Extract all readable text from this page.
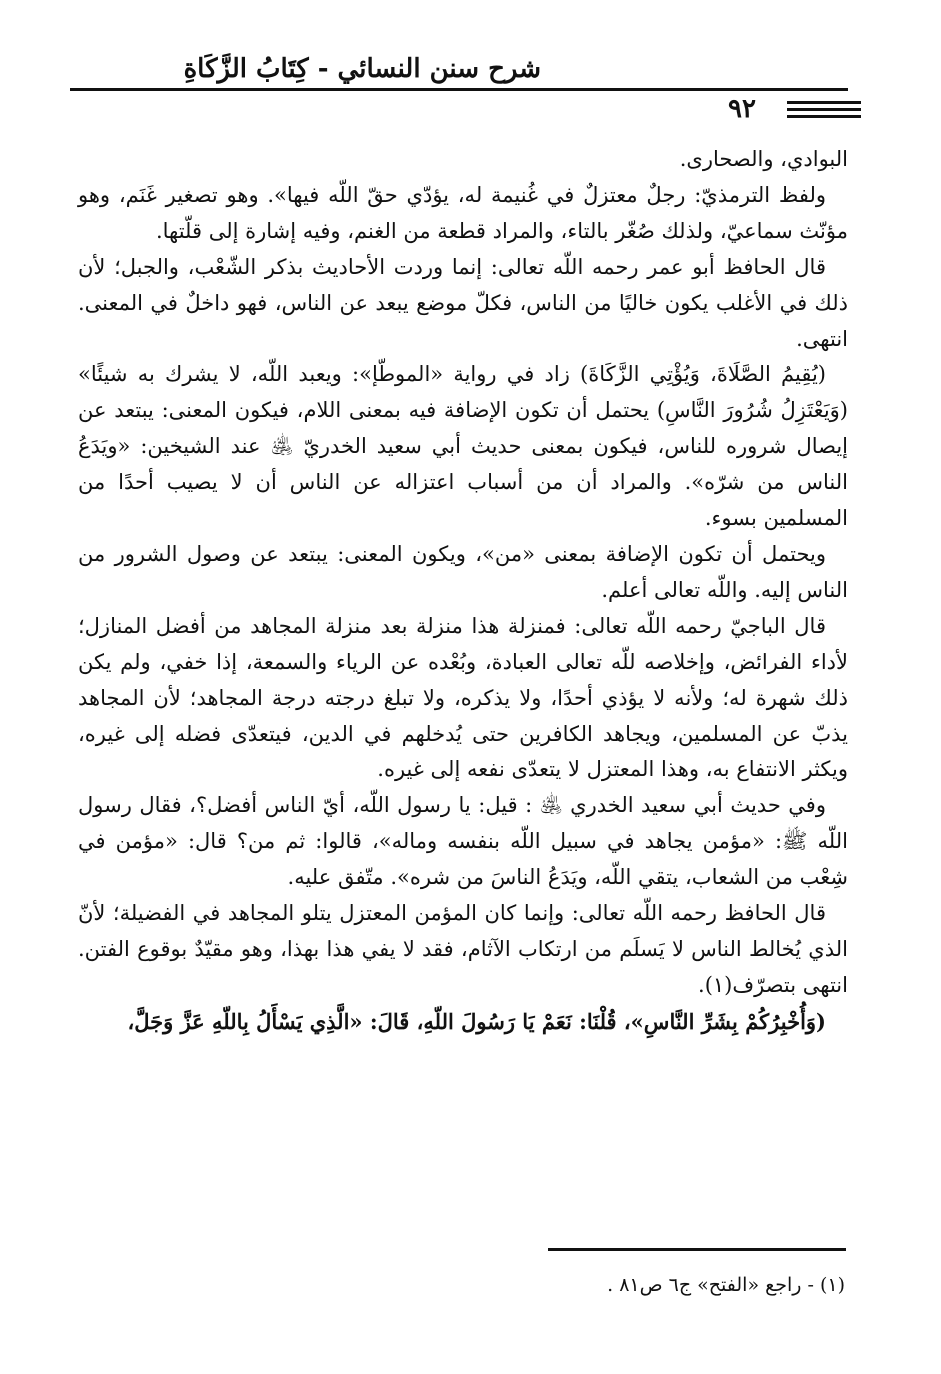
شرح سنن النسائي - كِتَابُ الزَّكَاةِ
٩٢

البوادي، والصحارى.

ولفظ الترمذيّ: رجلٌ معتزلٌ في غُنيمة له، يؤدّي حقّ اللّه فيها». وهو تصغير غَنَم، وهو مؤنّث سماعيّ، ولذلك صُغّر بالتاء، والمراد قطعة من الغنم، وفيه إشارة إلى قلّتها.

قال الحافظ أبو عمر رحمه اللّه تعالى: إنما وردت الأحاديث بذكر الشّعْب، والجبل؛ لأن ذلك في الأغلب يكون خاليًا من الناس، فكلّ موضع يبعد عن الناس، فهو داخلٌ في المعنى. انتهى.

(يُقِيمُ الصَّلَاةَ، وَيُؤْتِي الزَّكَاةَ) زاد في رواية «الموطّإ»: ويعبد اللّه، لا يشرك به شيئًا» (وَيَعْتَزِلُ شُرُورَ النَّاسِ) يحتمل أن تكون الإضافة فيه بمعنى اللام، فيكون المعنى: يبتعد عن إيصال شروره للناس، فيكون بمعنى حديث أبي سعيد الخدريّ ﵁ عند الشيخين: «ويَدَعُ الناس من شرّه». والمراد أن من أسباب اعتزاله عن الناس أن لا يصيب أحدًا من المسلمين بسوء.

ويحتمل أن تكون الإضافة بمعنى «من»، ويكون المعنى: يبتعد عن وصول الشرور من الناس إليه. واللّه تعالى أعلم.

قال الباجيّ رحمه اللّه تعالى: فمنزلة هذا منزلة بعد منزلة المجاهد من أفضل المنازل؛ لأداء الفرائض، وإخلاصه للّه تعالى العبادة، وبُعْده عن الرياء والسمعة، إذا خفي، ولم يكن ذلك شهرة له؛ ولأنه لا يؤذي أحدًا، ولا يذكره، ولا تبلغ درجته درجة المجاهد؛ لأن المجاهد يذبّ عن المسلمين، ويجاهد الكافرين حتى يُدخلهم في الدين، فيتعدّى فضله إلى غيره، ويكثر الانتفاع به، وهذا المعتزل لا يتعدّى نفعه إلى غيره.

وفي حديث أبي سعيد الخدري ﵁ : قيل: يا رسول اللّه، أيّ الناس أفضل؟، فقال رسول اللّه ﷺ: «مؤمن يجاهد في سبيل اللّه بنفسه وماله»، قالوا: ثم من؟ قال: «مؤمن في شِعْب من الشعاب، يتقي اللّه، ويَدَعُ الناسَ من شره». متّفق عليه.

قال الحافظ رحمه اللّه تعالى: وإنما كان المؤمن المعتزل يتلو المجاهد في الفضيلة؛ لأنّ الذي يُخالط الناس لا يَسلَم من ارتكاب الآثام، فقد لا يفي هذا بهذا، وهو مقيّدٌ بوقوع الفتن. انتهى بتصرّف(١).

(وَأُخْبِرُكُمْ بِشَرِّ النَّاسِ»، قُلْنَا: نَعَمْ يَا رَسُولَ اللّهِ، قَالَ: «الَّذِي يَسْأَلُ بِاللّهِ عَزَّ وَجَلَّ،

(١) - راجع «الفتح» ج٦ ص٨١ .
